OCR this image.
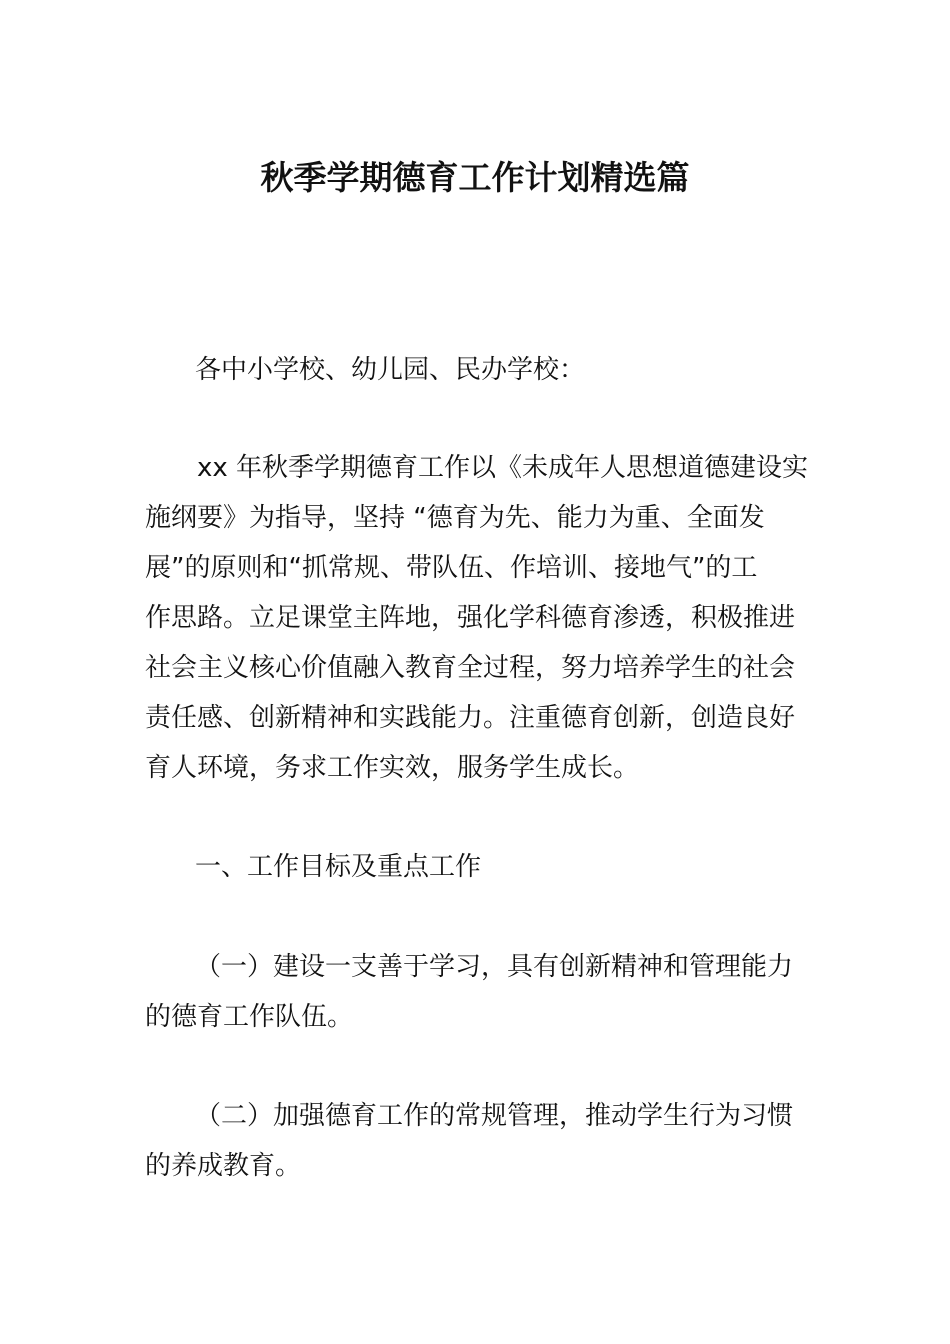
秋季学期德育工作计划精选篇

各中小学校、幼儿园、民办学校：

xx 年秋季学期德育工作以《未成年人思想道德建设实
施纲要》为指导，坚持 “德育为先、能力为重、全面发
展”的原则和“抓常规、带队伍、作培训、接地气”的工
作思路。立足课堂主阵地，强化学科德育渗透，积极推进
社会主义核心价值融入教育全过程，努力培养学生的社会
责任感、创新精神和实践能力。注重德育创新，创造良好
育人环境，务求工作实效，服务学生成长。

一、工作目标及重点工作

（一）建设一支善于学习，具有创新精神和管理能力
的德育工作队伍。
（二）加强德育工作的常规管理，推动学生行为习惯
的养成教育。
